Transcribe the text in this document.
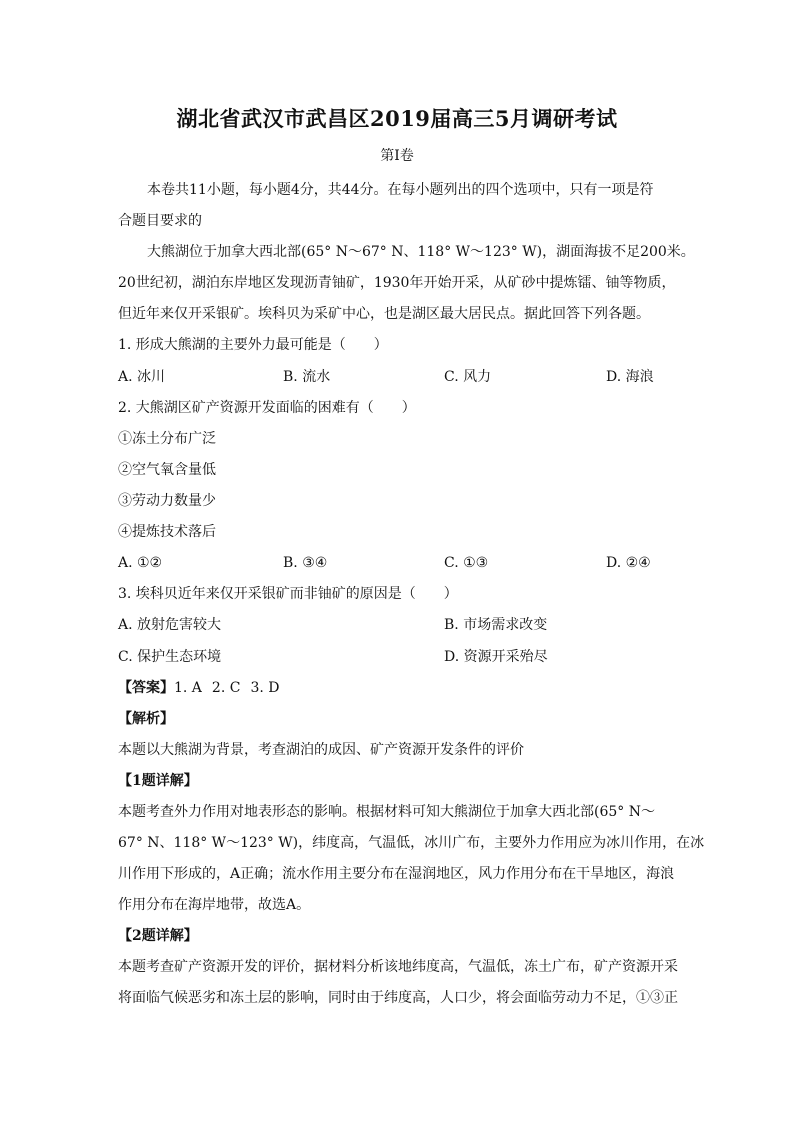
湖北省武汉市武昌区2019届高三5月调研考试
第Ⅰ卷
本卷共11小题，每小题4分，共44分。在每小题列出的四个选项中，只有一项是符
合题目要求的
大熊湖位于加拿大西北部(65° N～67° N、118° W～123° W)，湖面海拔不足200米。
20世纪初，湖泊东岸地区发现沥青铀矿，1930年开始开采，从矿砂中提炼镭、铀等物质，
但近年来仅开采银矿。埃科贝为采矿中心，也是湖区最大居民点。据此回答下列各题。
1. 形成大熊湖的主要外力最可能是（　　）
A. 冰川	B. 流水	C. 风力	D. 海浪
2. 大熊湖区矿产资源开发面临的困难有（　　）
①冻土分布广泛
②空气氧含量低
③劳动力数量少
④提炼技术落后
A. ①②	B. ③④	C. ①③	D. ②④
3. 埃科贝近年来仅开采银矿而非铀矿的原因是（　　）
A. 放射危害较大	B. 市场需求改变
C. 保护生态环境	D. 资源开采殆尽
【答案】1. A 2. C 3. D
【解析】
本题以大熊湖为背景，考查湖泊的成因、矿产资源开发条件的评价
【1题详解】
本题考查外力作用对地表形态的影响。根据材料可知大熊湖位于加拿大西北部(65° N～
67° N、118° W～123° W)，纬度高，气温低，冰川广布，主要外力作用应为冰川作用，在冰
川作用下形成的，A正确；流水作用主要分布在湿润地区，风力作用分布在干旱地区，海浪
作用分布在海岸地带，故选A。
【2题详解】
本题考查矿产资源开发的评价，据材料分析该地纬度高，气温低，冻土广布，矿产资源开采
将面临气候恶劣和冻土层的影响，同时由于纬度高，人口少，将会面临劳动力不足，①③正
